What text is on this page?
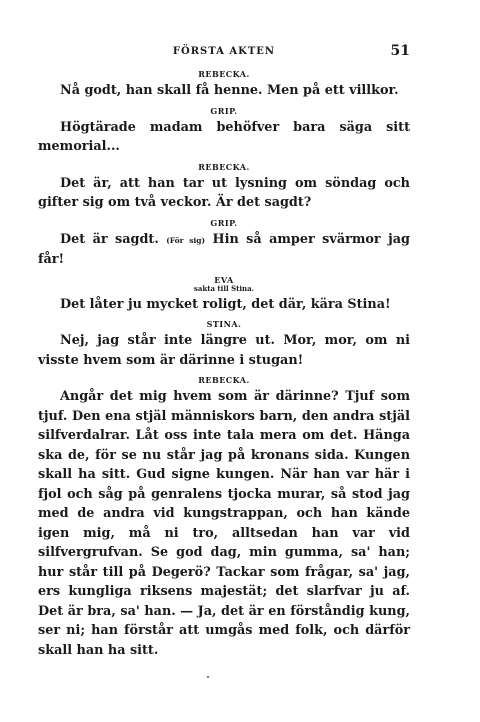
FÖRSTA AKTEN	51

REBECKA.

Nå godt, han skall få henne. Men på ett villkor.

GRIP.

Högtärade madam behöfver bara säga sitt memorial...

REBECKA.

Det är, att han tar ut lysning om söndag och gifter sig om två veckor. Är det sagdt?

GRIP.

Det är sagdt. (För sig) Hin så amper svärmor jag får!

EVA

sakta till Stina.

Det låter ju mycket roligt, det där, kära Stina!

STINA.

Nej, jag står inte längre ut. Mor, mor, om ni visste hvem som är därinne i stugan!

REBECKA.

Angår det mig hvem som är därinne? Tjuf som tjuf. Den ena stjäl människors barn, den andra stjäl silfverdalrar. Låt oss inte tala mera om det. Hänga ska de, för se nu står jag på kronans sida. Kungen skall ha sitt. Gud signe kungen. När han var här i fjol och såg på genralens tjocka murar, så stod jag med de andra vid kungstrappan, och han kände igen mig, må ni tro, alltsedan han var vid silfvergrufvan. Se god dag, min gumma, sa' han; hur står till på Degerö? Tackar som frågar, sa' jag, ers kungliga riksens majestät; det slarfvar ju af. Det är bra, sa' han. — Ja, det är en förståndig kung, ser ni; han förstår att umgås med folk, och därför skall han ha sitt.
